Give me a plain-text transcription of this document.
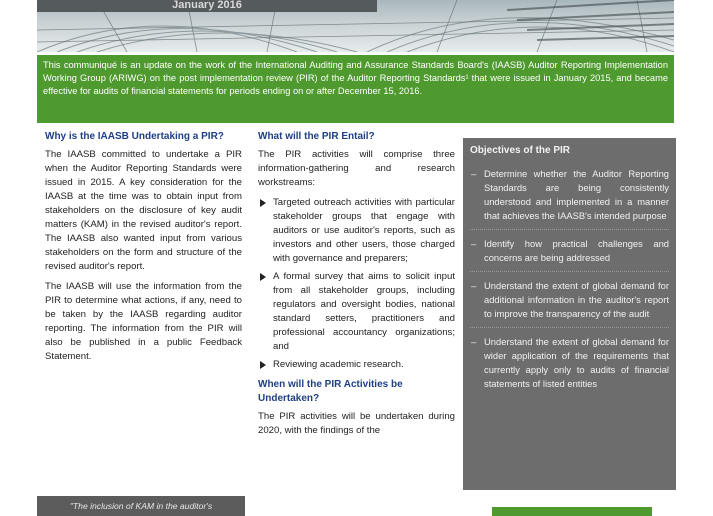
January 2016
This communiqué is an update on the work of the International Auditing and Assurance Standards Board's (IAASB) Auditor Reporting Implementation Working Group (ARIWG) on the post implementation review (PIR) of the Auditor Reporting Standards¹ that were issued in January 2015, and became effective for audits of financial statements for periods ending on or after December 15, 2016.
Why is the IAASB Undertaking a PIR?

The IAASB committed to undertake a PIR when the Auditor Reporting Standards were issued in 2015. A key consideration for the IAASB at the time was to obtain input from stakeholders on the disclosure of key audit matters (KAM) in the revised auditor's report. The IAASB also wanted input from various stakeholders on the form and structure of the revised auditor's report.

The IAASB will use the information from the PIR to determine what actions, if any, need to be taken by the IAASB regarding auditor reporting. The information from the PIR will also be published in a public Feedback Statement.

What will the PIR Entail?

The PIR activities will comprise three information-gathering and research workstreams:

Targeted outreach activities with particular stakeholder groups that engage with auditors or use auditor's reports, such as investors and other users, those charged with governance and preparers;
A formal survey that aims to solicit input from all stakeholder groups, including regulators and oversight bodies, national standard setters, practitioners and professional accountancy organizations; and
Reviewing academic research.
When will the PIR Activities be Undertaken?

The PIR activities will be undertaken during 2020, with the findings of the

Objectives of the PIR
– Determine whether the Auditor Reporting Standards are being consistently understood and implemented in a manner that achieves the IAASB's intended purpose
– Identify how practical challenges and concerns are being addressed
– Understand the extent of global demand for additional information in the auditor's report to improve the transparency of the audit
– Understand the extent of global demand for wider application of the requirements that currently apply only to audits of financial statements of listed entities
"The inclusion of KAM in the auditor's
